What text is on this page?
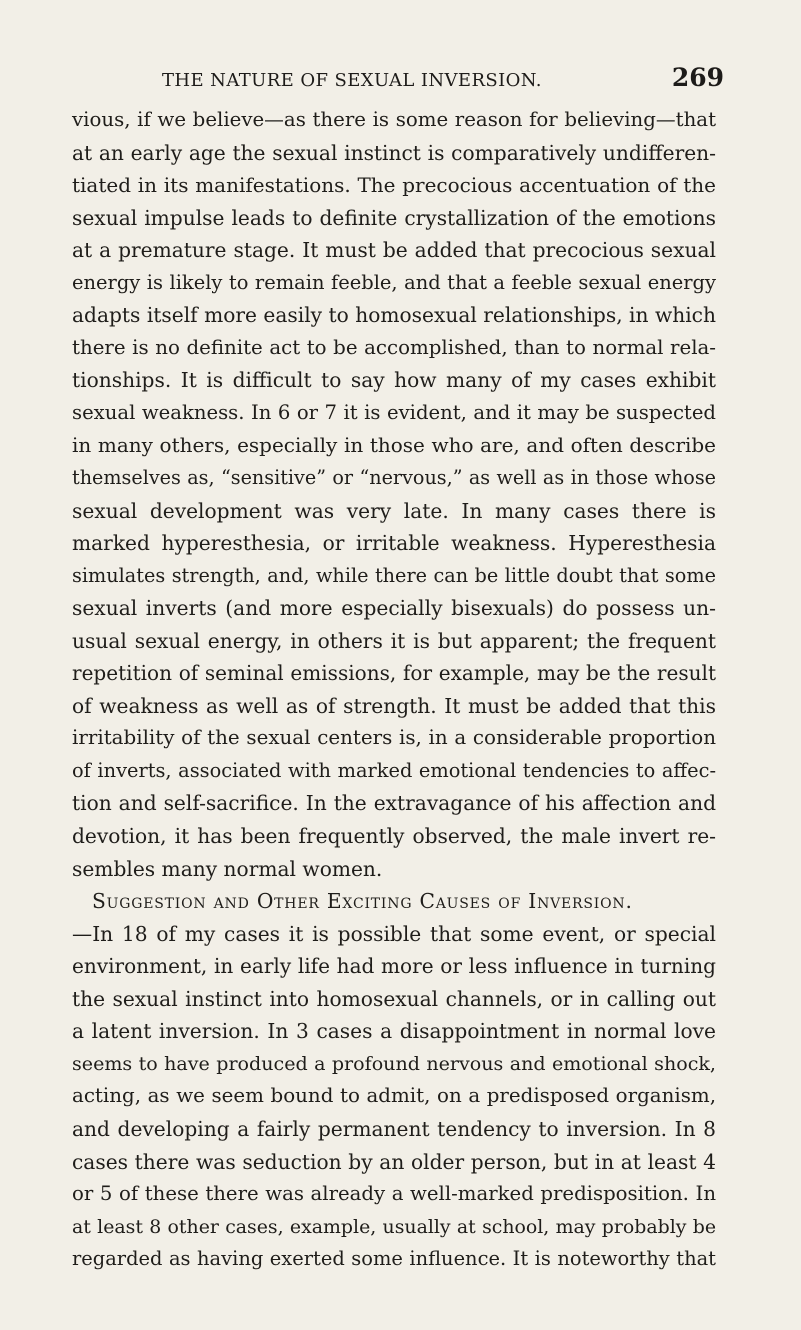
THE NATURE OF SEXUAL INVERSION.	269
vious, if we believe—as there is some reason for believing—that
at an early age the sexual instinct is comparatively undifferen-
tiated in its manifestations. The precocious accentuation of the
sexual impulse leads to definite crystallization of the emotions
at a premature stage. It must be added that precocious sexual
energy is likely to remain feeble, and that a feeble sexual energy
adapts itself more easily to homosexual relationships, in which
there is no definite act to be accomplished, than to normal rela-
tionships. It is difficult to say how many of my cases exhibit
sexual weakness. In 6 or 7 it is evident, and it may be suspected
in many others, especially in those who are, and often describe
themselves as, “sensitive” or “nervous,” as well as in those whose
sexual development was very late. In many cases there is
marked hyperesthesia, or irritable weakness. Hyperesthesia
simulates strength, and, while there can be little doubt that some
sexual inverts (and more especially bisexuals) do possess un-
usual sexual energy, in others it is but apparent; the frequent
repetition of seminal emissions, for example, may be the result
of weakness as well as of strength. It must be added that this
irritability of the sexual centers is, in a considerable proportion
of inverts, associated with marked emotional tendencies to affec-
tion and self-sacrifice. In the extravagance of his affection and
devotion, it has been frequently observed, the male invert re-
sembles many normal women.
Suggestion and Other Exciting Causes of Inversion.
—In 18 of my cases it is possible that some event, or special
environment, in early life had more or less influence in turning
the sexual instinct into homosexual channels, or in calling out
a latent inversion. In 3 cases a disappointment in normal love
seems to have produced a profound nervous and emotional shock,
acting, as we seem bound to admit, on a predisposed organism,
and developing a fairly permanent tendency to inversion. In 8
cases there was seduction by an older person, but in at least 4
or 5 of these there was already a well-marked predisposition. In
at least 8 other cases, example, usually at school, may probably be
regarded as having exerted some influence. It is noteworthy that
